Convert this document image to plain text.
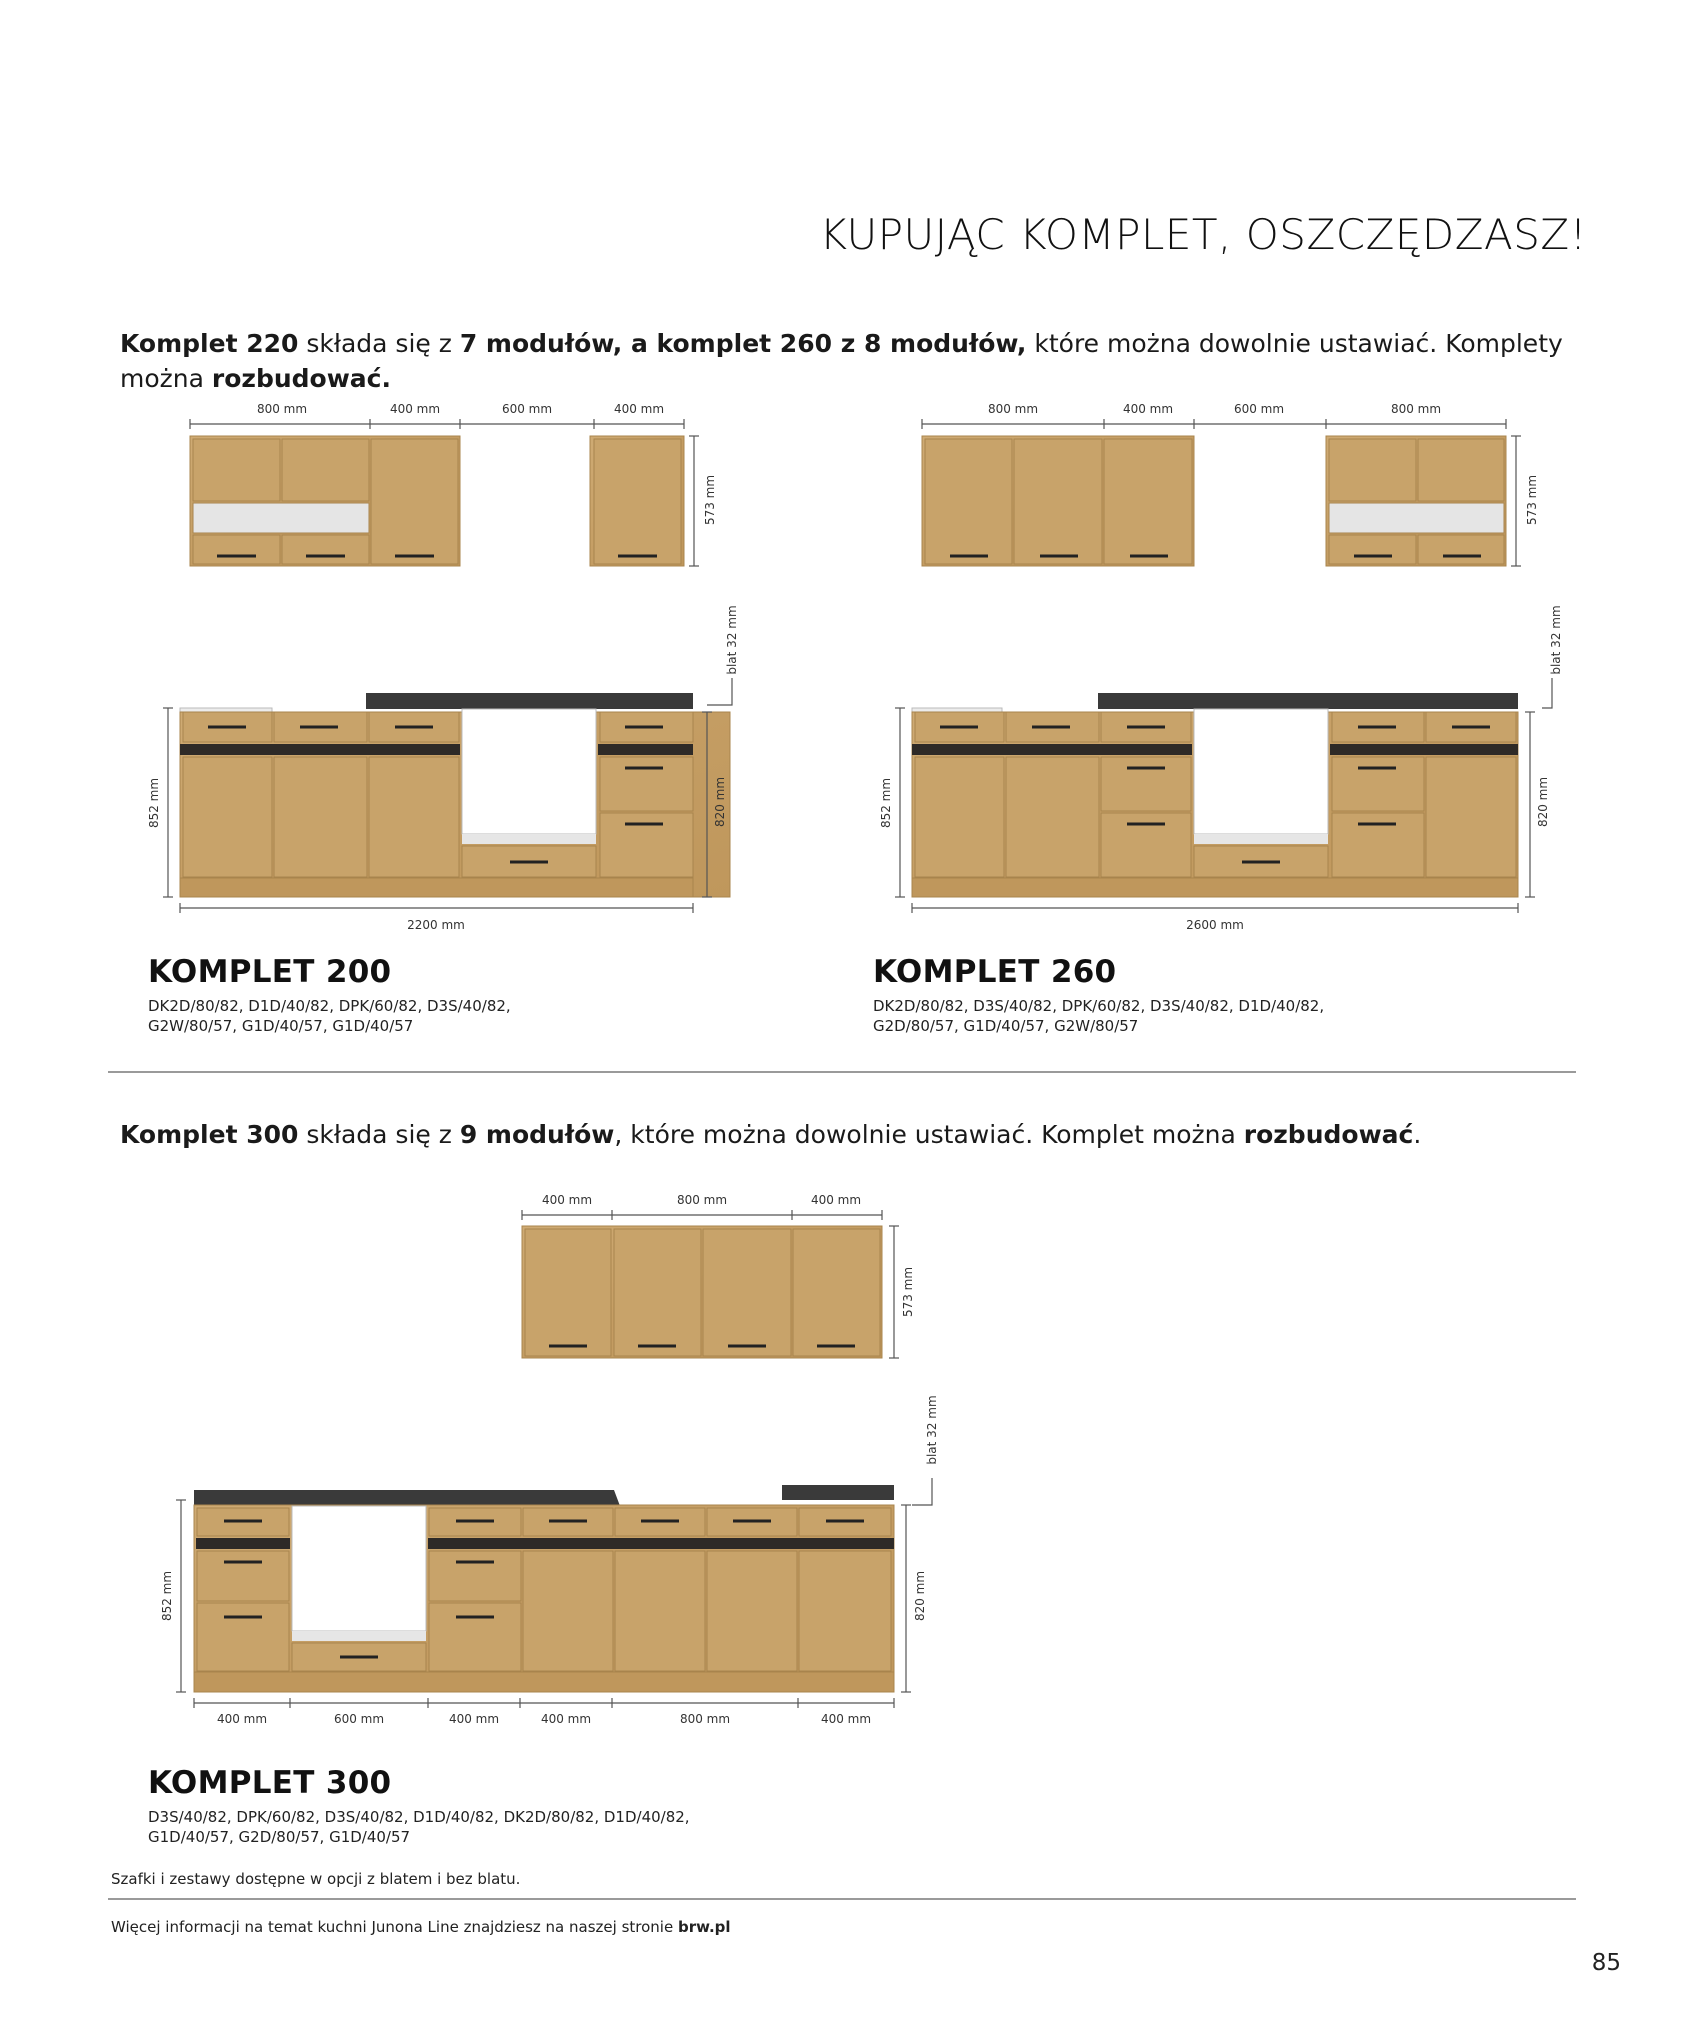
800 mm	400 mm	600 mm	400 mm
573 mm
blat 32 mm
852 mm	820 mm
2200 mm
800 mm	400 mm	600 mm	800 mm
573 mm
blat 32 mm
852 mm	820 mm
2600 mm
400 mm	800 mm	400 mm
573 mm
blat 32 mm
852 mm	820 mm
400 mm	600 mm	400 mm	400 mm	800 mm	400 mm
KUPUJĄC KOMPLET, OSZCZĘDZASZ!
Komplet 220 składa się z 7 modułów, a komplet 260 z 8 modułów, które można dowolnie ustawiać. Komplety można rozbudować.
KOMPLET 200
DK2D/80/82, D1D/40/82, DPK/60/82, D3S/40/82,
G2W/80/57, G1D/40/57, G1D/40/57
KOMPLET 260
DK2D/80/82, D3S/40/82, DPK/60/82, D3S/40/82, D1D/40/82,
G2D/80/57, G1D/40/57, G2W/80/57
Komplet 300 składa się z 9 modułów, które można dowolnie ustawiać. Komplet można rozbudować.
KOMPLET 300
D3S/40/82, DPK/60/82, D3S/40/82, D1D/40/82, DK2D/80/82, D1D/40/82,
G1D/40/57, G2D/80/57, G1D/40/57
Szafki i zestawy dostępne w opcji z blatem i bez blatu.
Więcej informacji na temat kuchni Junona Line znajdziesz na naszej stronie brw.pl
85
